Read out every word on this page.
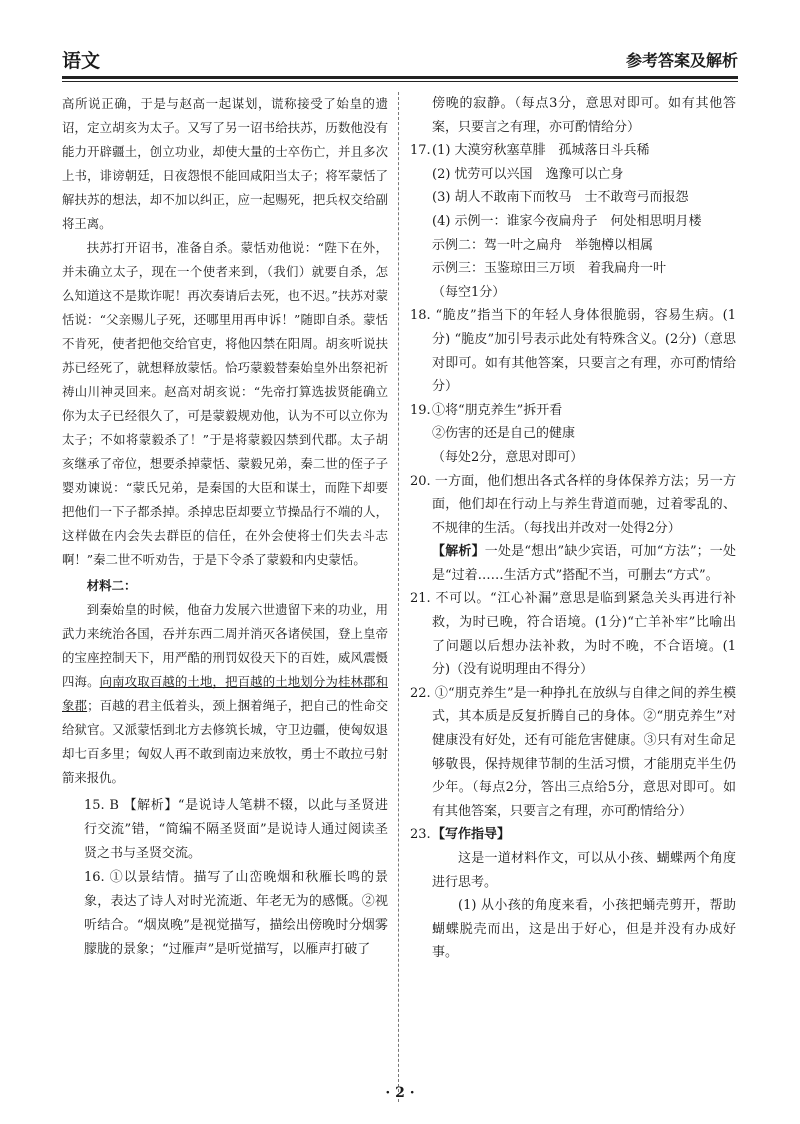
语文	参考答案及解析

高所说正确，于是与赵高一起谋划，谎称接受了始皇的遗诏，定立胡亥为太子。又写了另一诏书给扶苏，历数他没有能力开辟疆土，创立功业，却使大量的士卒伤亡，并且多次上书，诽谤朝廷，日夜怨恨不能回咸阳当太子；将军蒙恬了解扶苏的想法，却不加以纠正，应一起赐死，把兵权交给副将王离。

扶苏打开诏书，准备自杀。蒙恬劝他说：“陛下在外，并未确立太子，现在一个使者来到，（我们）就要自杀，怎么知道这不是欺诈呢！再次奏请后去死，也不迟。”扶苏对蒙恬说：“父亲赐儿子死，还哪里用再申诉！”随即自杀。蒙恬不肯死，使者把他交给官吏，将他囚禁在阳周。胡亥听说扶苏已经死了，就想释放蒙恬。恰巧蒙毅替秦始皇外出祭祀祈祷山川神灵回来。赵高对胡亥说：“先帝打算选拔贤能确立你为太子已经很久了，可是蒙毅规劝他，认为不可以立你为太子；不如将蒙毅杀了！”于是将蒙毅囚禁到代郡。太子胡亥继承了帝位，想要杀掉蒙恬、蒙毅兄弟，秦二世的侄子子婴劝谏说：“蒙氏兄弟，是秦国的大臣和谋士，而陛下却要把他们一下子都杀掉。杀掉忠臣却要立节操品行不端的人，这样做在内会失去群臣的信任，在外会使将士们失去斗志啊！”秦二世不听劝告，于是下令杀了蒙毅和内史蒙恬。

材料二：

到秦始皇的时候，他奋力发展六世遗留下来的功业，用武力来统治各国，吞并东西二周并消灭各诸侯国，登上皇帝的宝座控制天下，用严酷的刑罚奴役天下的百姓，威风震慑四海。向南攻取百越的土地，把百越的土地划分为桂林郡和象郡；百越的君主低着头，颈上捆着绳子，把自己的性命交给狱官。又派蒙恬到北方去修筑长城，守卫边疆，使匈奴退却七百多里；匈奴人再不敢到南边来放牧，勇士不敢拉弓射箭来报仇。

15. B 【解析】“是说诗人笔耕不辍，以此与圣贤进行交流”错，“简编不隔圣贤面”是说诗人通过阅读圣贤之书与圣贤交流。

16. ①以景结情。描写了山峦晚烟和秋雁长鸣的景象，表达了诗人对时光流逝、年老无为的感慨。②视听结合。“烟岚晚”是视觉描写，描绘出傍晚时分烟雾朦胧的景象；“过雁声”是听觉描写，以雁声打破了

傍晚的寂静。（每点3分，意思对即可。如有其他答案，只要言之有理，亦可酌情给分）

17.(1) 大漠穷秋塞草腓　孤城落日斗兵稀

(2) 忧劳可以兴国　逸豫可以亡身

(3) 胡人不敢南下而牧马　士不敢弯弓而报怨

(4) 示例一：谁家今夜扁舟子　何处相思明月楼

示例二：驾一叶之扁舟　举匏樽以相属

示例三：玉鉴琼田三万顷　着我扁舟一叶

（每空1分）

18. “脆皮”指当下的年轻人身体很脆弱，容易生病。(1分) “脆皮”加引号表示此处有特殊含义。(2分)（意思对即可。如有其他答案，只要言之有理，亦可酌情给分）

19.①将“朋克养生”拆开看

②伤害的还是自己的健康

（每处2分，意思对即可）

20. 一方面，他们想出各式各样的身体保养方法；另一方面，他们却在行动上与养生背道而驰，过着零乱的、不规律的生活。（每找出并改对一处得2分）

【解析】一处是“想出”缺少宾语，可加“方法”；一处是“过着……生活方式”搭配不当，可删去“方式”。

21. 不可以。“江心补漏”意思是临到紧急关头再进行补救，为时已晚，符合语境。(1分)“亡羊补牢”比喻出了问题以后想办法补救，为时不晚，不合语境。(1分)（没有说明理由不得分）

22. ①“朋克养生”是一种挣扎在放纵与自律之间的养生模式，其本质是反复折腾自己的身体。②“朋克养生”对健康没有好处，还有可能危害健康。③只有对生命足够敬畏，保持规律节制的生活习惯，才能朋克半生仍少年。（每点2分，答出三点给5分，意思对即可。如有其他答案，只要言之有理，亦可酌情给分）

23.【写作指导】

这是一道材料作文，可以从小孩、蝴蝶两个角度进行思考。

(1) 从小孩的角度来看，小孩把蛹壳剪开，帮助蝴蝶脱壳而出，这是出于好心，但是并没有办成好事。

· 2 ·
